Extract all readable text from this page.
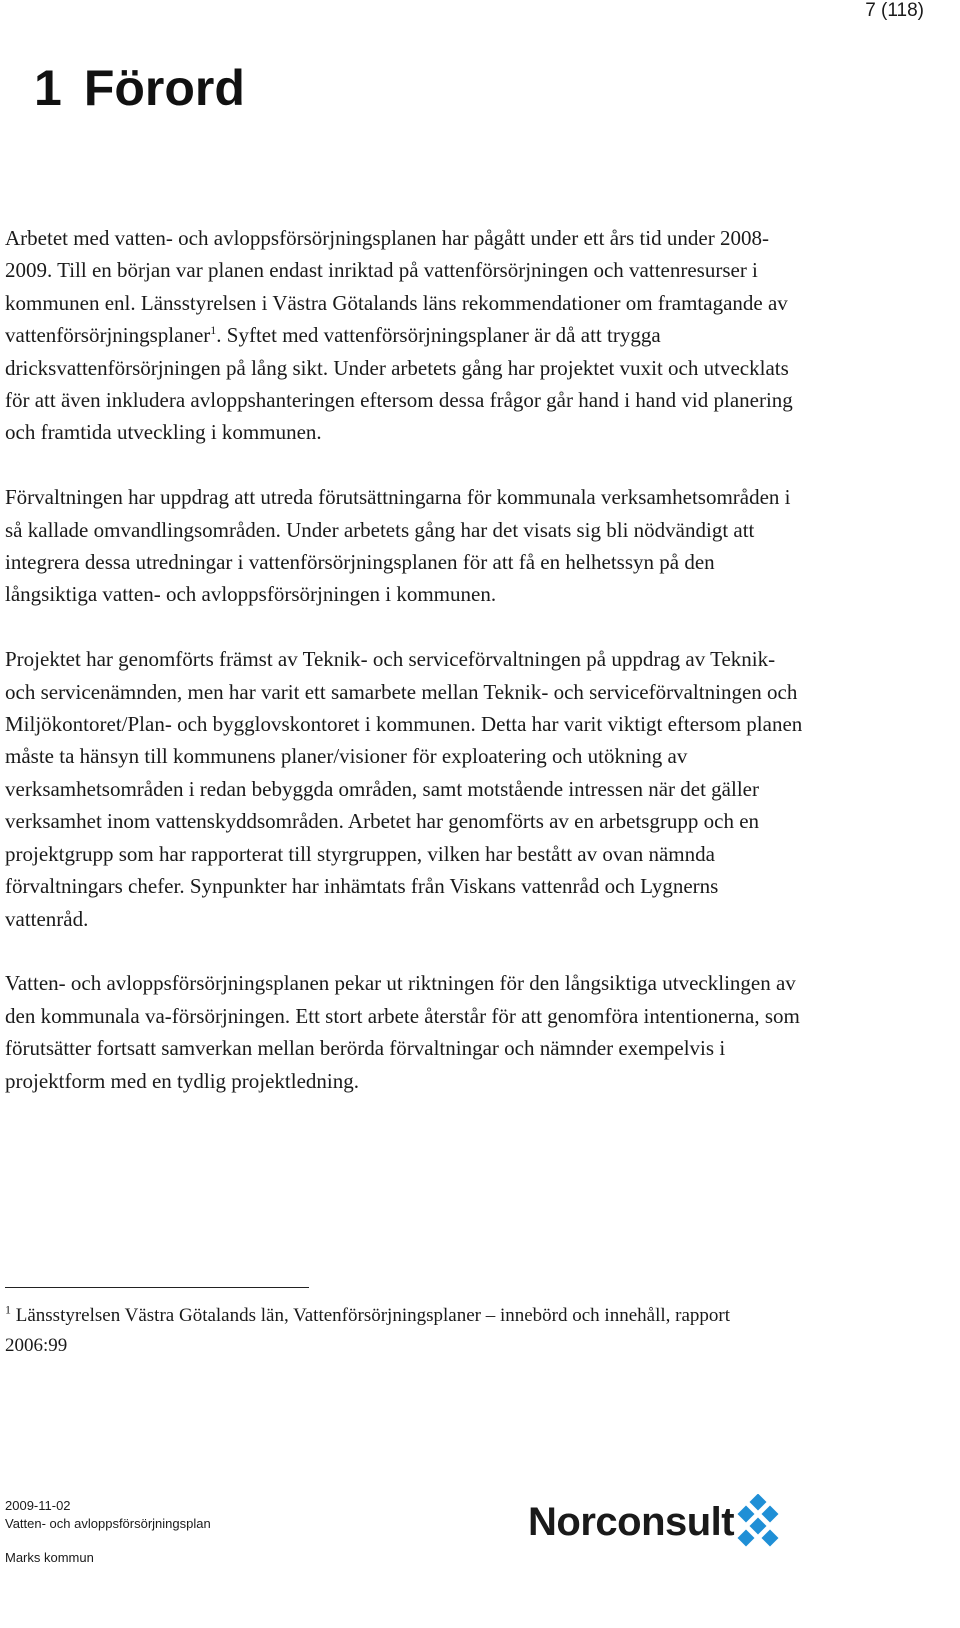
7 (118)
1 Förord

Arbetet med vatten- och avloppsförsörjningsplanen har pågått under ett års tid under 2008-2009. Till en början var planen endast inriktad på vattenförsörjningen och vattenresurser i kommunen enl. Länsstyrelsen i Västra Götalands läns rekommendationer om framtagande av vattenförsörjningsplaner$^1$. Syftet med vattenförsörjningsplaner är då att trygga dricksvattenförsörjningen på lång sikt. Under arbetets gång har projektet vuxit och utvecklats för att även inkludera avloppshanteringen eftersom dessa frågor går hand i hand vid planering och framtida utveckling i kommunen.

Förvaltningen har uppdrag att utreda förutsättningarna för kommunala verksamhetsområden i så kallade omvandlingsområden. Under arbetets gång har det visats sig bli nödvändigt att integrera dessa utredningar i vattenförsörjningsplanen för att få en helhetssyn på den långsiktiga vatten- och avloppsförsörjningen i kommunen.

Projektet har genomförts främst av Teknik- och serviceförvaltningen på uppdrag av Teknik- och servicenämnden, men har varit ett samarbete mellan Teknik- och serviceförvaltningen och Miljökontoret/Plan- och bygglovskontoret i kommunen. Detta har varit viktigt eftersom planen måste ta hänsyn till kommunens planer/visioner för exploatering och utökning av verksamhetsområden i redan bebyggda områden, samt motstående intressen när det gäller verksamhet inom vattenskyddsområden. Arbetet har genomförts av en arbetsgrupp och en projektgrupp som har rapporterat till styrgruppen, vilken har bestått av ovan nämnda förvaltningars chefer. Synpunkter har inhämtats från Viskans vattenråd och Lygnerns vattenråd.

Vatten- och avloppsförsörjningsplanen pekar ut riktningen för den långsiktiga utvecklingen av den kommunala va-försörjningen. Ett stort arbete återstår för att genomföra intentionerna, som förutsätter fortsatt samverkan mellan berörda förvaltningar och nämnder exempelvis i projektform med en tydlig projektledning.

$^1$ Länsstyrelsen Västra Götalands län, Vattenförsörjningsplaner – innebörd och innehåll, rapport 2006:99
2009-11-02
Vatten- och avloppsförsörjningsplan
Marks kommun
Norconsult
